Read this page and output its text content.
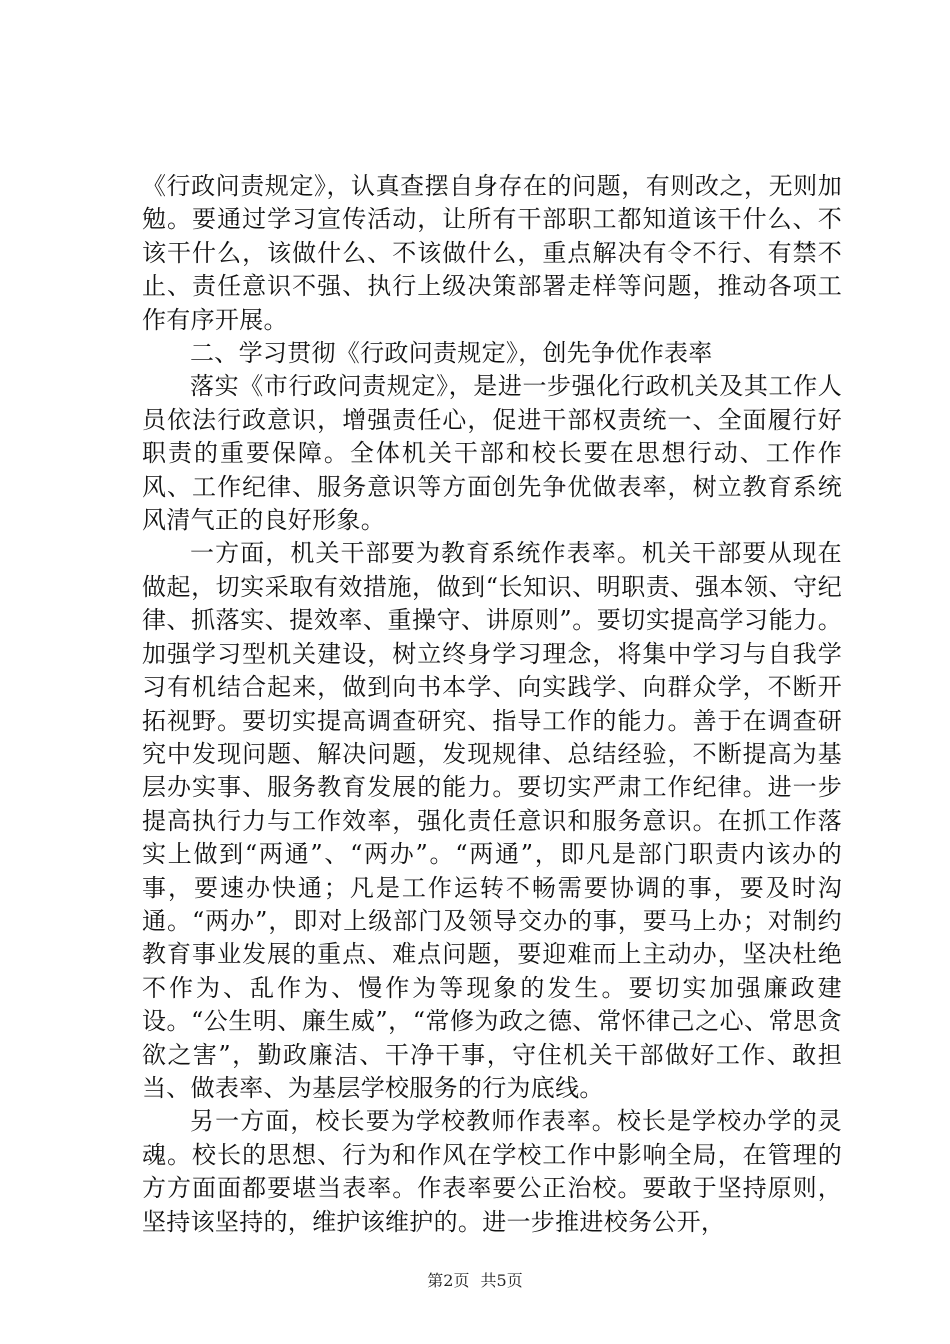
《行政问责规定》，认真查摆自身存在的问题，有则改之，无则加勉。要通过学习宣传活动，让所有干部职工都知道该干什么、不该干什么，该做什么、不该做什么，重点解决有令不行、有禁不止、责任意识不强、执行上级决策部署走样等问题，推动各项工作有序开展。

二、学习贯彻《行政问责规定》，创先争优作表率

落实《市行政问责规定》，是进一步强化行政机关及其工作人员依法行政意识，增强责任心，促进干部权责统一、全面履行好职责的重要保障。全体机关干部和校长要在思想行动、工作作风、工作纪律、服务意识等方面创先争优做表率，树立教育系统风清气正的良好形象。

一方面，机关干部要为教育系统作表率。机关干部要从现在做起，切实采取有效措施，做到“长知识、明职责、强本领、守纪律、抓落实、提效率、重操守、讲原则”。要切实提高学习能力。加强学习型机关建设，树立终身学习理念，将集中学习与自我学习有机结合起来，做到向书本学、向实践学、向群众学，不断开拓视野。要切实提高调查研究、指导工作的能力。善于在调查研究中发现问题、解决问题，发现规律、总结经验，不断提高为基层办实事、服务教育发展的能力。要切实严肃工作纪律。进一步提高执行力与工作效率，强化责任意识和服务意识。在抓工作落实上做到“两通”、“两办”。“两通”，即凡是部门职责内该办的事，要速办快通；凡是工作运转不畅需要协调的事，要及时沟通。“两办”，即对上级部门及领导交办的事，要马上办；对制约教育事业发展的重点、难点问题，要迎难而上主动办，坚决杜绝不作为、乱作为、慢作为等现象的发生。要切实加强廉政建设。“公生明、廉生威”，“常修为政之德、常怀律己之心、常思贪欲之害”，勤政廉洁、干净干事，守住机关干部做好工作、敢担当、做表率、为基层学校服务的行为底线。

另一方面，校长要为学校教师作表率。校长是学校办学的灵魂。校长的思想、行为和作风在学校工作中影响全局，在管理的方方面面都要堪当表率。作表率要公正治校。要敢于坚持原则，坚持该坚持的，维护该维护的。进一步推进校务公开，

第2页 共5页
